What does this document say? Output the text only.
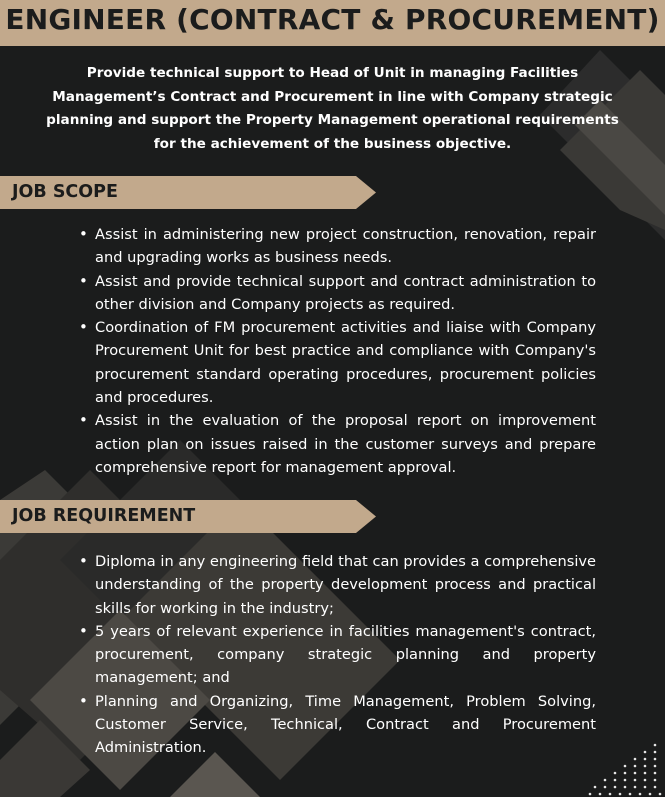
ENGINEER (CONTRACT & PROCUREMENT)
Provide technical support to Head of Unit in managing Facilities Management’s Contract and Procurement in line with Company strategic planning and support the Property Management operational requirements for the achievement of the business objective.
JOB SCOPE
• Assist in administering new project construction, renovation, repair and upgrading works as business needs.
• Assist and provide technical support and contract administration to other division and Company projects as required.
• Coordination of FM procurement activities and liaise with Company Procurement Unit for best practice and compliance with Company's procurement standard operating procedures, procurement policies and procedures.
• Assist in the evaluation of the proposal report on improvement action plan on issues raised in the customer surveys and prepare comprehensive report for management approval.
JOB REQUIREMENT
• Diploma in any engineering field that can provides a comprehensive understanding of the property development process and practical skills for working in the industry;
• 5 years of relevant experience in facilities management's contract, procurement, company strategic planning and property management; and
• Planning and Organizing, Time Management, Problem Solving, Customer Service, Technical, Contract and Procurement Administration.
